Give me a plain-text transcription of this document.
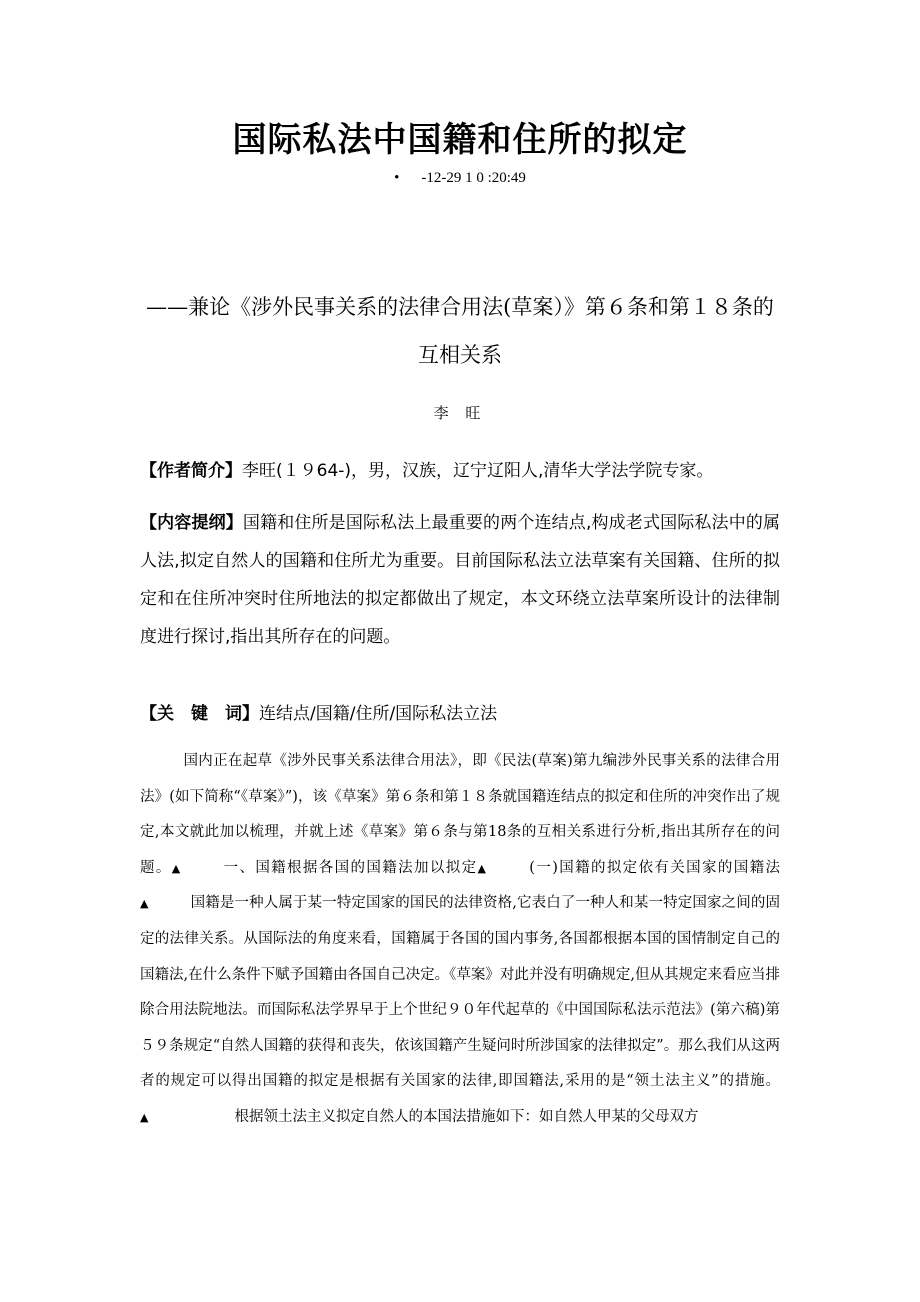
国际私法中国籍和住所的拟定
• -12-29 1 0 :20:49
——兼论《涉外民事关系的法律合用法(草案）》第６条和第１８条的互相关系
李 旺
【作者简介】李旺(１９64-)，男，汉族，辽宁辽阳人,清华大学法学院专家。
【内容提纲】国籍和住所是国际私法上最重要的两个连结点,构成老式国际私法中的属人法,拟定自然人的国籍和住所尤为重要。目前国际私法立法草案有关国籍、住所的拟定和在住所冲突时住所地法的拟定都做出了规定，本文环绕立法草案所设计的法律制度进行探讨,指出其所存在的问题。
【关　键　词】连结点/国籍/住所/国际私法立法
国内正在起草《涉外民事关系法律合用法》，即《民法(草案)第九编涉外民事关系的法律合用法》(如下简称“《草案》”)，该《草案》第６条和第１８条就国籍连结点的拟定和住所的冲突作出了规定,本文就此加以梳理，并就上述《草案》第６条与第18条的互相关系进行分析,指出其所存在的问题。▲	一、国籍根据各国的国籍法加以拟定▲	(一)国籍的拟定依有关国家的国籍法▲	国籍是一种人属于某一特定国家的国民的法律资格,它表白了一种人和某一特定国家之间的固定的法律关系。从国际法的角度来看，国籍属于各国的国内事务,各国都根据本国的国情制定自己的国籍法,在什么条件下赋予国籍由各国自己决定。《草案》对此并没有明确规定,但从其规定来看应当排除合用法院地法。而国际私法学界早于上个世纪９０年代起草的《中国国际私法示范法》(第六稿)第５９条规定“自然人国籍的获得和丧失，依该国籍产生疑问时所涉国家的法律拟定”。那么我们从这两者的规定可以得出国籍的拟定是根据有关国家的法律,即国籍法,采用的是“领土法主义”的措施。▲	根据领土法主义拟定自然人的本国法措施如下：如自然人甲某的父母双方
